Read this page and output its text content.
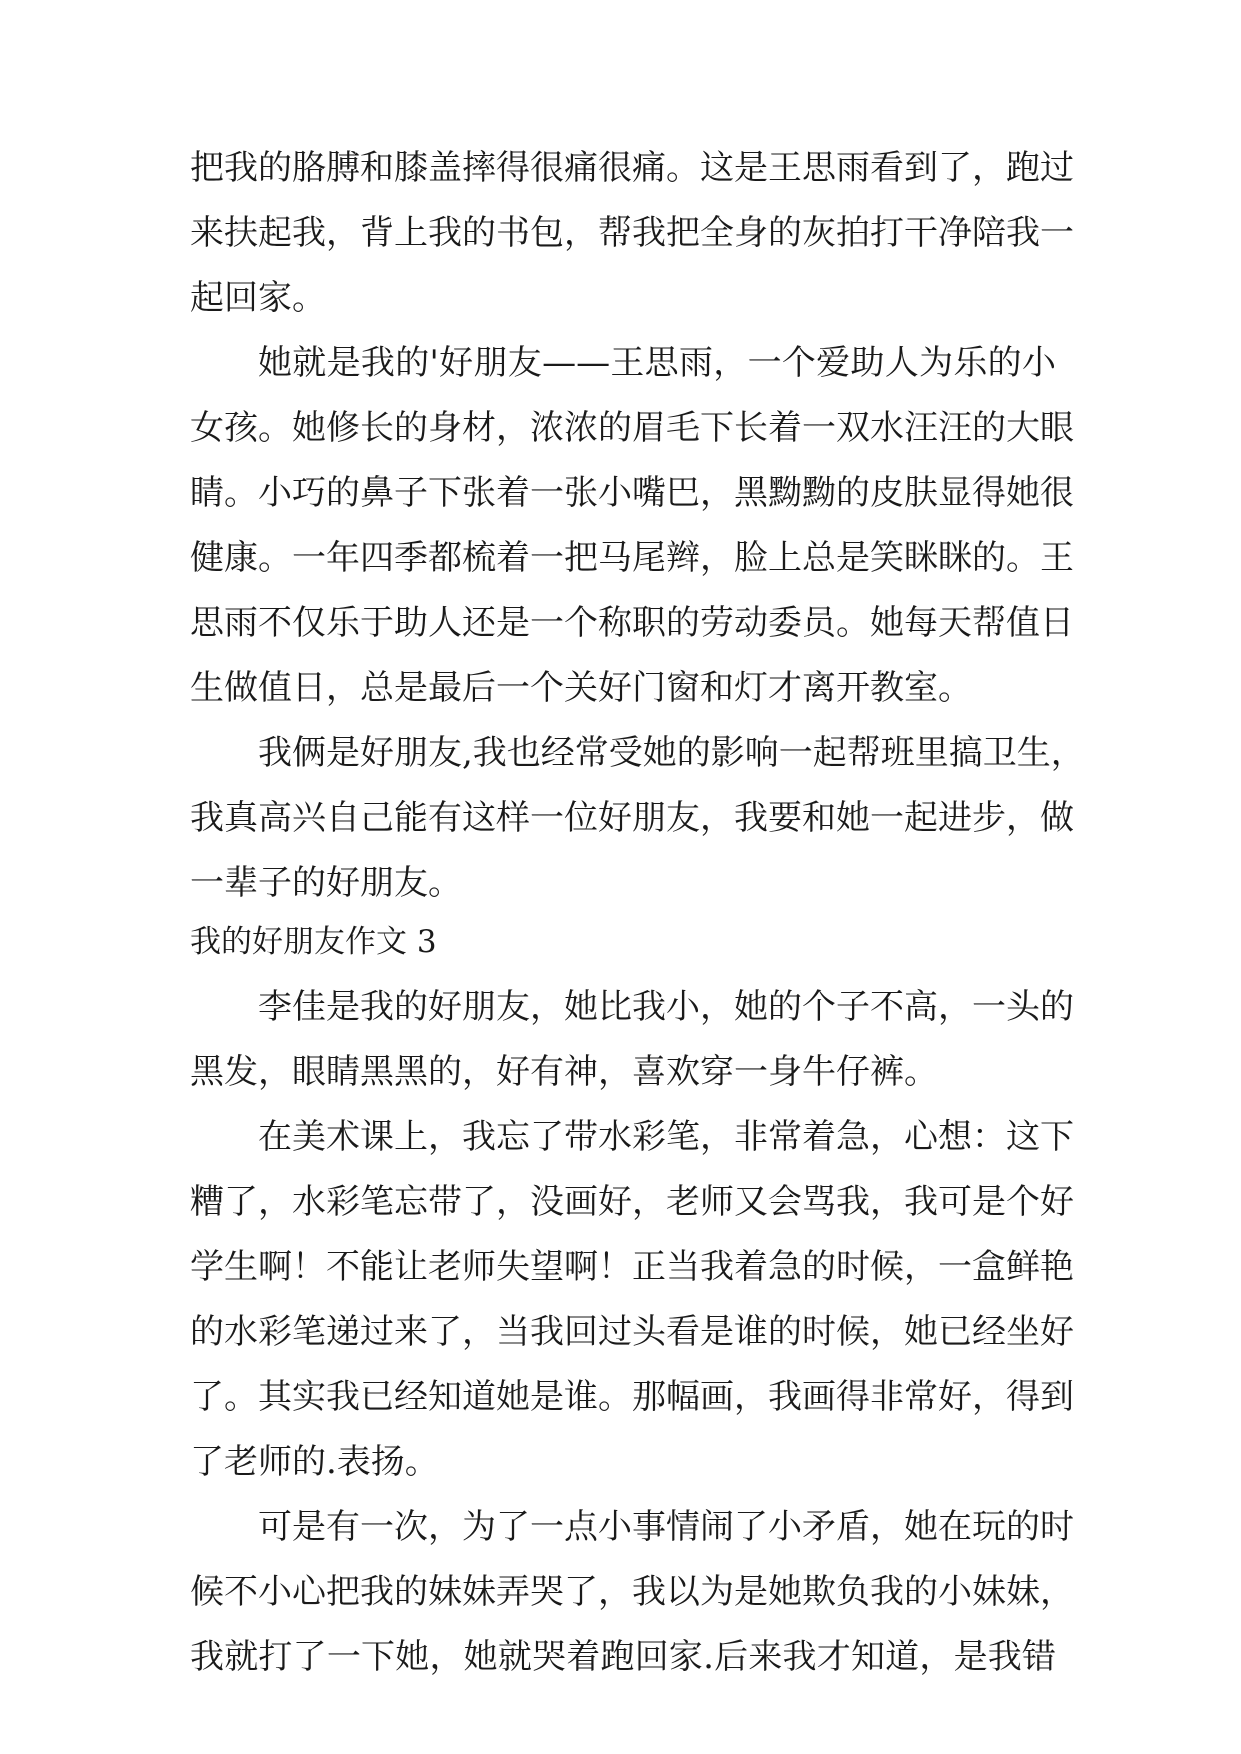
把我的胳膊和膝盖摔得很痛很痛。这是王思雨看到了，跑过
来扶起我，背上我的书包，帮我把全身的灰拍打干净陪我一
起回家。
她就是我的'好朋友——王思雨，一个爱助人为乐的小
女孩。她修长的身材，浓浓的眉毛下长着一双水汪汪的大眼
睛。小巧的鼻子下张着一张小嘴巴，黑黝黝的皮肤显得她很
健康。一年四季都梳着一把马尾辫，脸上总是笑眯眯的。王
思雨不仅乐于助人还是一个称职的劳动委员。她每天帮值日
生做值日，总是最后一个关好门窗和灯才离开教室。
我俩是好朋友,我也经常受她的影响一起帮班里搞卫生，
我真高兴自己能有这样一位好朋友，我要和她一起进步，做
一辈子的好朋友。
我的好朋友作文 3
李佳是我的好朋友，她比我小，她的个子不高，一头的
黑发，眼睛黑黑的，好有神，喜欢穿一身牛仔裤。
在美术课上，我忘了带水彩笔，非常着急，心想：这下
糟了，水彩笔忘带了，没画好，老师又会骂我，我可是个好
学生啊！不能让老师失望啊！正当我着急的时候，一盒鲜艳
的水彩笔递过来了，当我回过头看是谁的时候，她已经坐好
了。其实我已经知道她是谁。那幅画，我画得非常好，得到
了老师的.表扬。
可是有一次，为了一点小事情闹了小矛盾，她在玩的时
候不小心把我的妹妹弄哭了，我以为是她欺负我的小妹妹，
我就打了一下她，她就哭着跑回家.后来我才知道，是我错
